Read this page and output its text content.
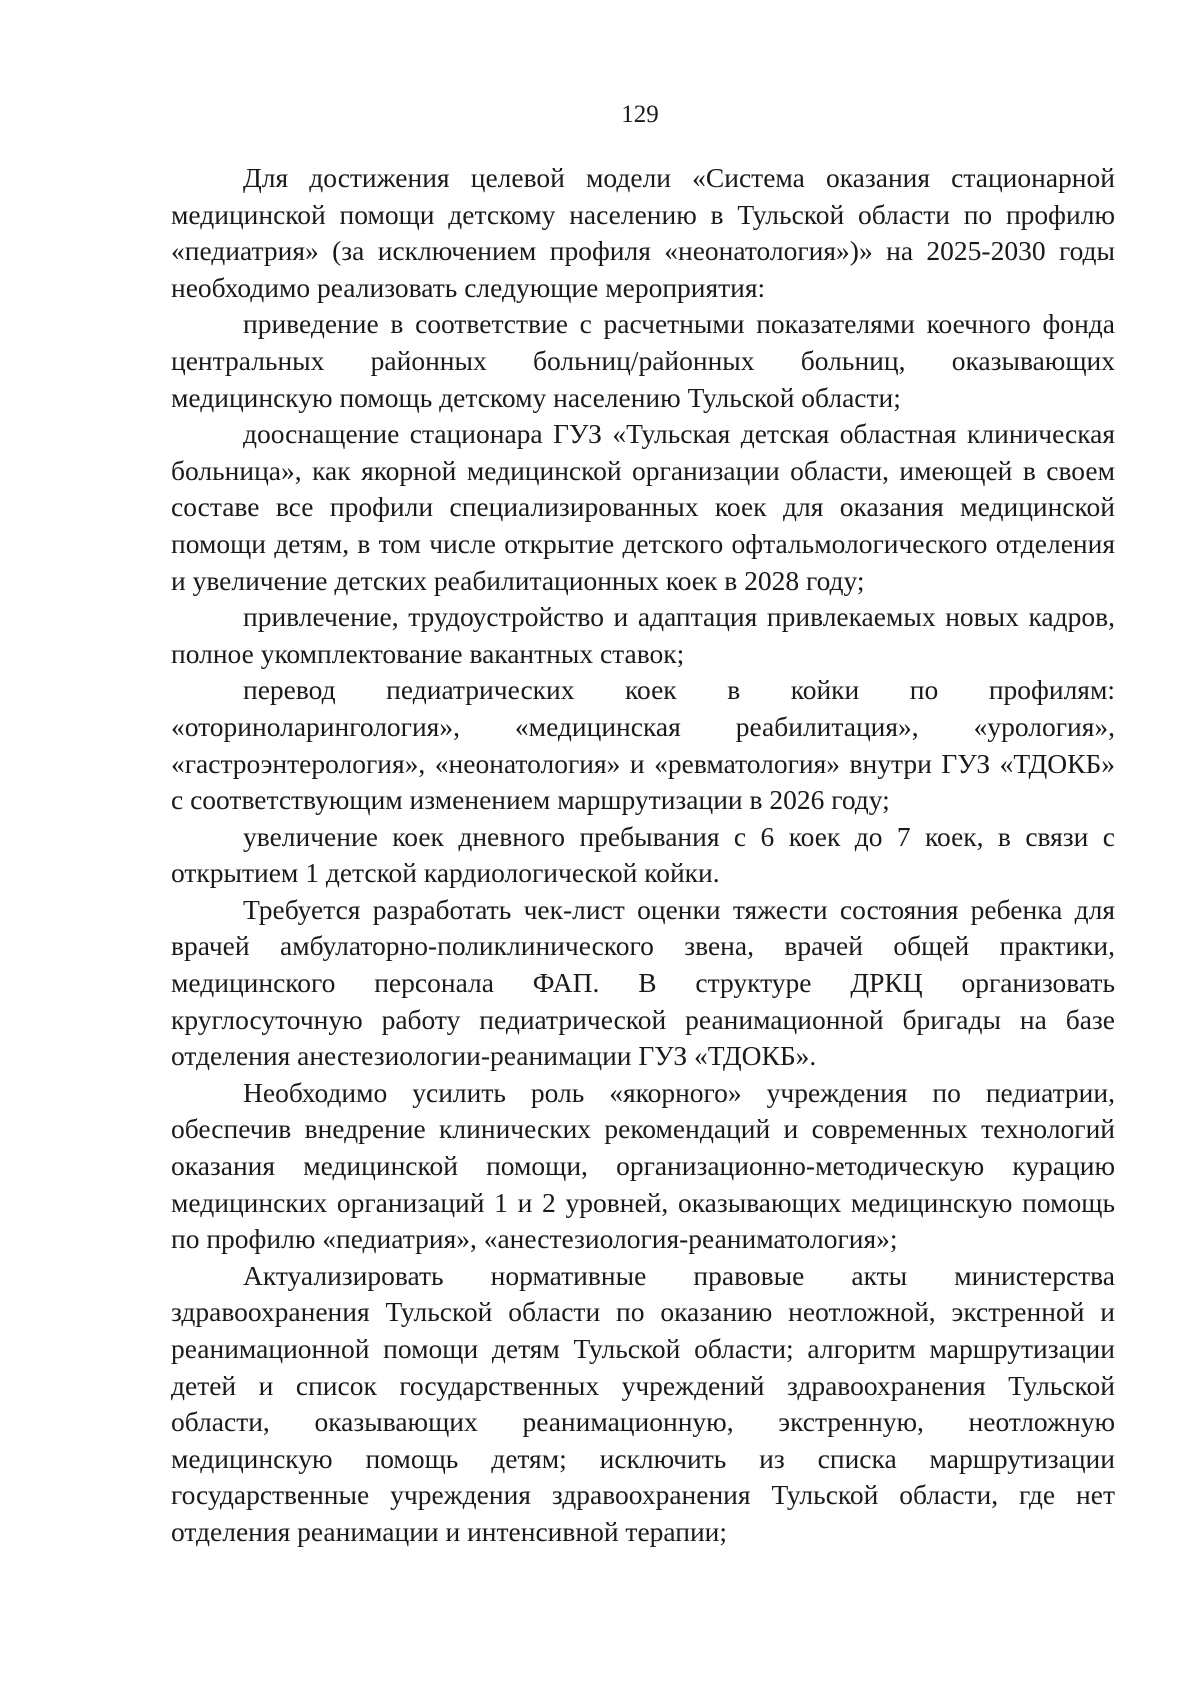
129

Для достижения целевой модели «Система оказания стационарной медицинской помощи детскому населению в Тульской области по профилю «педиатрия» (за исключением профиля «неонатология»)» на 2025-2030 годы необходимо реализовать следующие мероприятия:

приведение в соответствие с расчетными показателями коечного фонда центральных районных больниц/районных больниц, оказывающих медицинскую помощь детскому населению Тульской области;

дооснащение стационара ГУЗ «Тульская детская областная клиническая больница», как якорной медицинской организации области, имеющей в своем составе все профили специализированных коек для оказания медицинской помощи детям, в том числе открытие детского офтальмологического отделения и увеличение детских реабилитационных коек в 2028 году;

привлечение, трудоустройство и адаптация привлекаемых новых кадров, полное укомплектование вакантных ставок;

перевод педиатрических коек в койки по профилям: «оториноларингология», «медицинская реабилитация», «урология», «гастроэнтерология», «неонатология» и «ревматология» внутри ГУЗ «ТДОКБ» с соответствующим изменением маршрутизации в 2026 году;

увеличение коек дневного пребывания с 6 коек до 7 коек, в связи с открытием 1 детской кардиологической койки.

Требуется разработать чек-лист оценки тяжести состояния ребенка для врачей амбулаторно-поликлинического звена, врачей общей практики, медицинского персонала ФАП. В структуре ДРКЦ организовать круглосуточную работу педиатрической реанимационной бригады на базе отделения анестезиологии-реанимации ГУЗ «ТДОКБ».

Необходимо усилить роль «якорного» учреждения по педиатрии, обеспечив внедрение клинических рекомендаций и современных технологий оказания медицинской помощи, организационно-методическую курацию медицинских организаций 1 и 2 уровней, оказывающих медицинскую помощь по профилю «педиатрия», «анестезиология-реаниматология»;

Актуализировать нормативные правовые акты министерства здравоохранения Тульской области по оказанию неотложной, экстренной и реанимационной помощи детям Тульской области; алгоритм маршрутизации детей и список государственных учреждений здравоохранения Тульской области, оказывающих реанимационную, экстренную, неотложную медицинскую помощь детям; исключить из списка маршрутизации государственные учреждения здравоохранения Тульской области, где нет отделения реанимации и интенсивной терапии;
